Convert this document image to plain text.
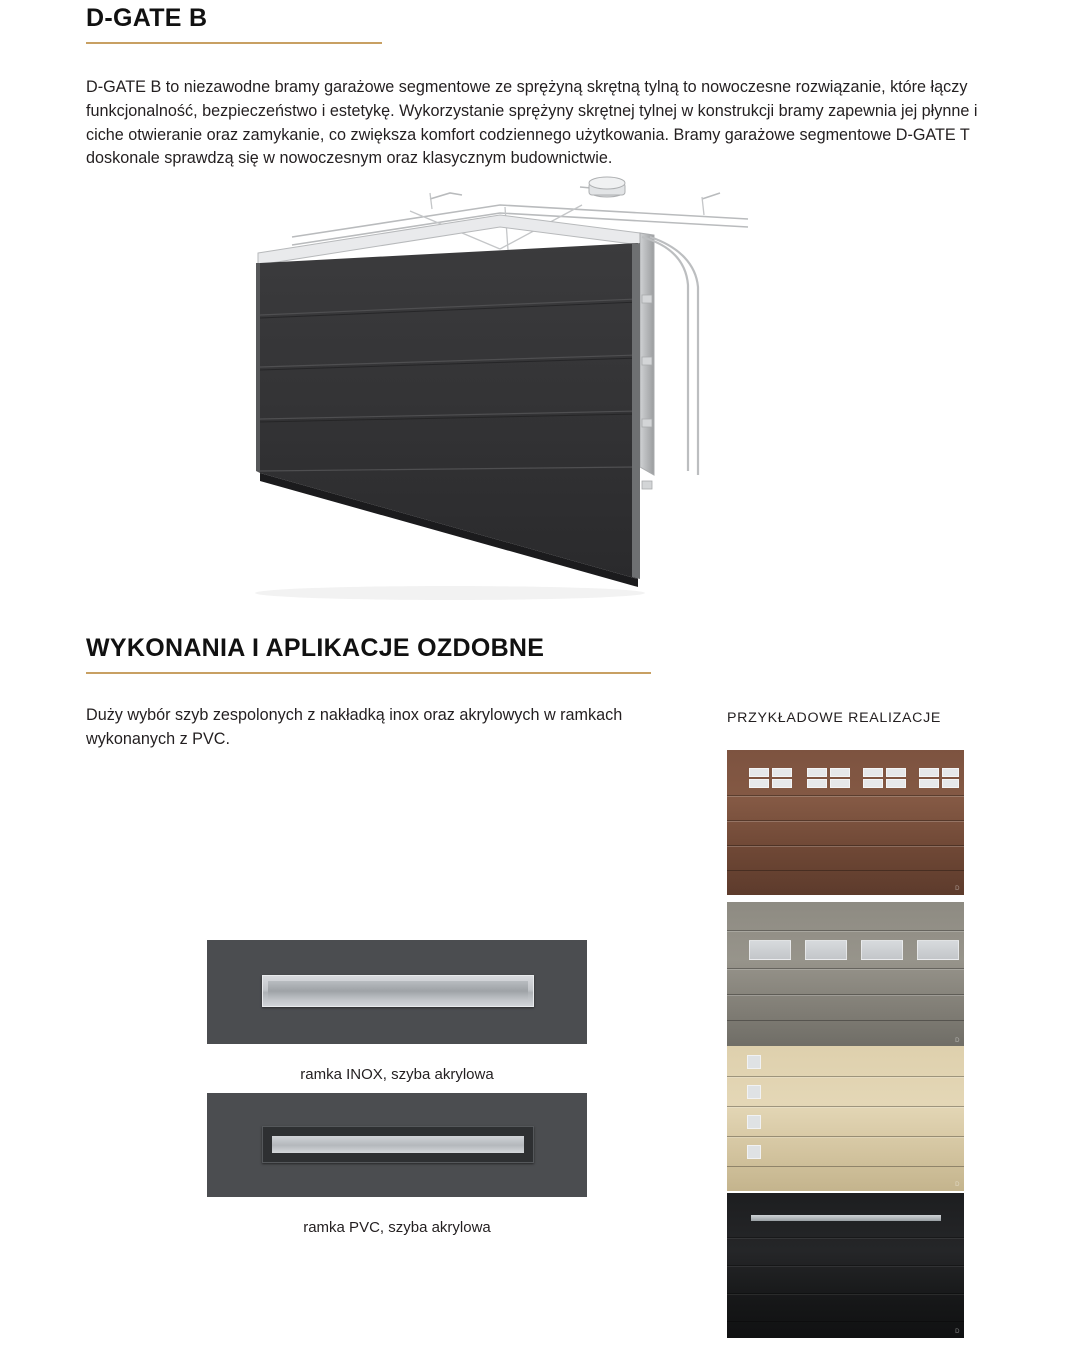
D-GATE B

D-GATE B to niezawodne bramy garażowe segmentowe ze sprężyną skrętną tylną to nowoczesne rozwiązanie, które łączy funkcjonalność, bezpieczeństwo i estetykę. Wykorzystanie sprężyny skrętnej tylnej w konstrukcji bramy zapewnia jej płynne i ciche otwieranie oraz zamykanie, co zwiększa komfort codziennego użytkowania. Bramy garażowe segmentowe D-GATE T doskonale sprawdzą się w nowoczesnym oraz klasycznym budownictwie.

WYKONANIA I APLIKACJE OZDOBNE

Duży wybór szyb zespolonych z nakładką inox oraz akrylowych w ramkach wykonanych z PVC.

PRZYKŁADOWE REALIZACJE
ramka INOX, szyba akrylowa
ramka PVC, szyba akrylowa
D
D
D
D
